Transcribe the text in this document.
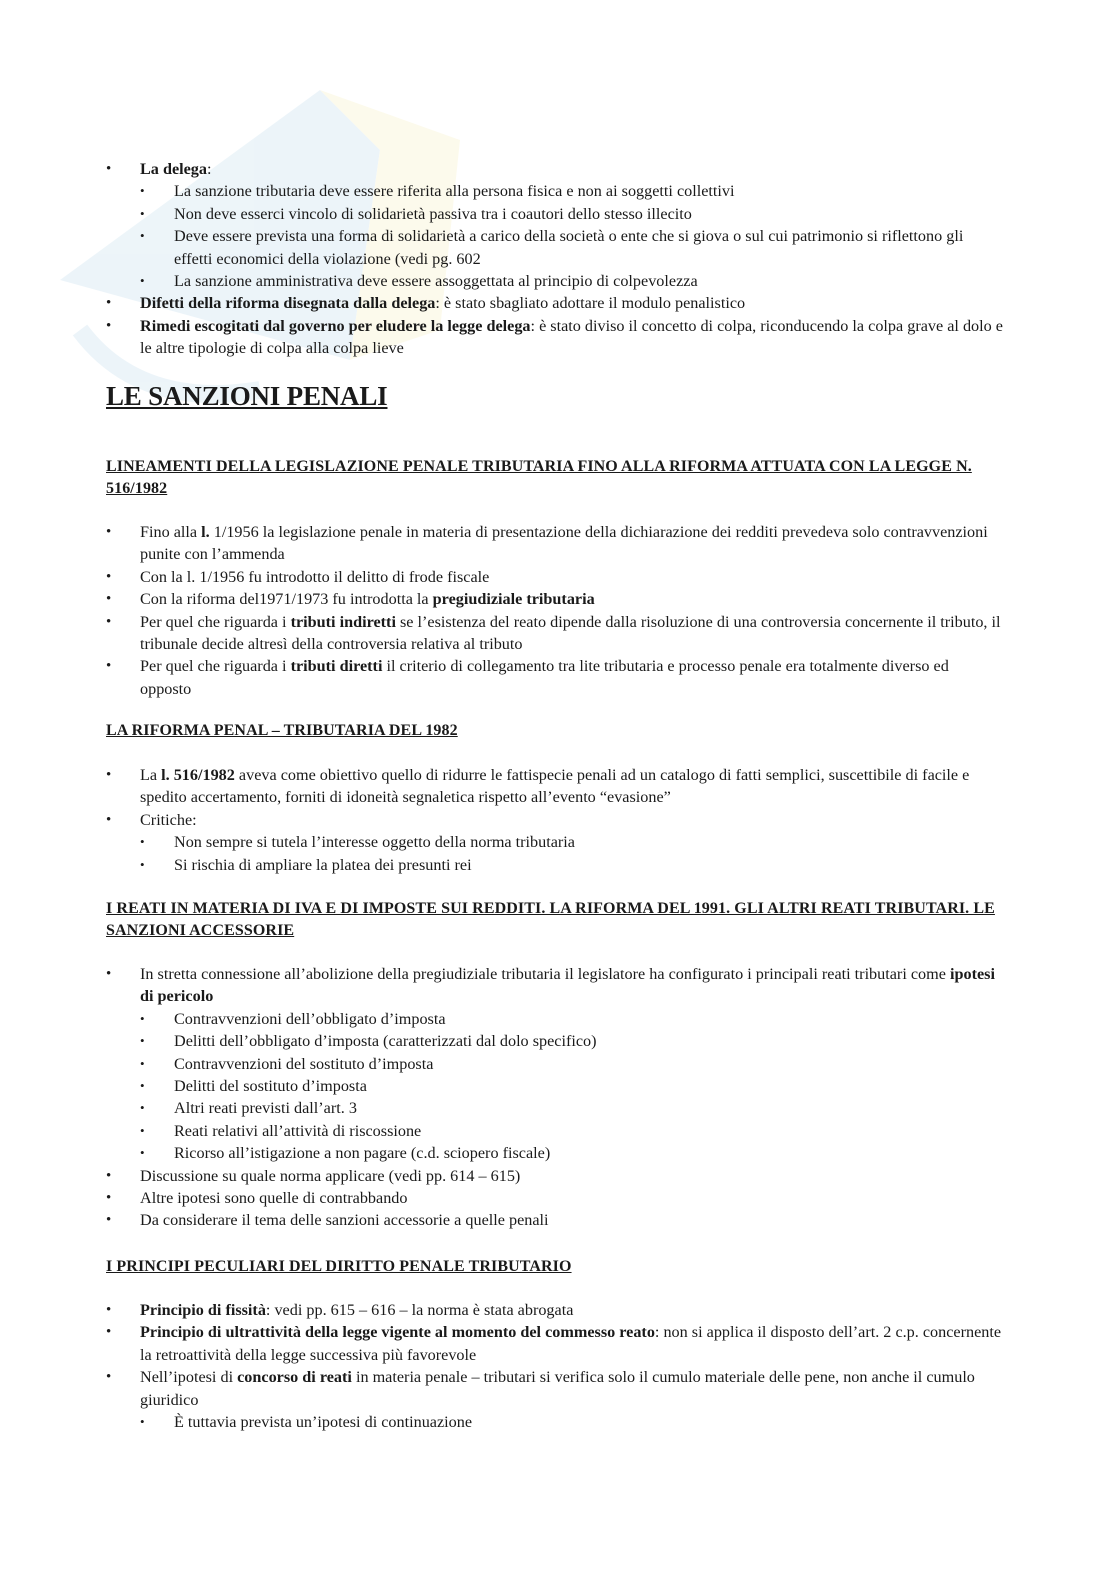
• La delega:
• La sanzione tributaria deve essere riferita alla persona fisica e non ai soggetti collettivi
• Non deve esserci vincolo di solidarietà passiva tra i coautori dello stesso illecito
• Deve essere prevista una forma di solidarietà a carico della società o ente che si giova o sul cui patrimonio si riflettono gli effetti economici della violazione (vedi pg. 602
• La sanzione amministrativa deve essere assoggettata al principio di colpevolezza
• Difetti della riforma disegnata dalla delega: è stato sbagliato adottare il modulo penalistico
• Rimedi escogitati dal governo per eludere la legge delega: è stato diviso il concetto di colpa, riconducendo la colpa grave al dolo e le altre tipologie di colpa alla colpa lieve
LE SANZIONI PENALI
LINEAMENTI DELLA LEGISLAZIONE PENALE TRIBUTARIA FINO ALLA RIFORMA ATTUATA CON LA LEGGE N. 516/1982
• Fino alla l. 1/1956 la legislazione penale in materia di presentazione della dichiarazione dei redditi prevedeva solo contravvenzioni punite con l’ammenda
• Con la l. 1/1956 fu introdotto il delitto di frode fiscale
• Con la riforma del1971/1973 fu introdotta la pregiudiziale tributaria
• Per quel che riguarda i tributi indiretti se l’esistenza del reato dipende dalla risoluzione di una controversia concernente il tributo, il tribunale decide altresì della controversia relativa al tributo
• Per quel che riguarda i tributi diretti il criterio di collegamento tra lite tributaria e processo penale era totalmente diverso ed opposto
LA RIFORMA PENAL – TRIBUTARIA DEL 1982
• La l. 516/1982 aveva come obiettivo quello di ridurre le fattispecie penali ad un catalogo di fatti semplici, suscettibile di facile e spedito accertamento, forniti di idoneità segnaletica rispetto all’evento “evasione”
• Critiche:
• Non sempre si tutela l’interesse oggetto della norma tributaria
• Si rischia di ampliare la platea dei presunti rei
I REATI IN MATERIA DI IVA E DI IMPOSTE SUI REDDITI. LA RIFORMA DEL 1991. GLI ALTRI REATI TRIBUTARI. LE SANZIONI ACCESSORIE
• In stretta connessione all’abolizione della pregiudiziale tributaria il legislatore ha configurato i principali reati tributari come ipotesi di pericolo
• Contravvenzioni dell’obbligato d’imposta
• Delitti dell’obbligato d’imposta (caratterizzati dal dolo specifico)
• Contravvenzioni del sostituto d’imposta
• Delitti del sostituto d’imposta
• Altri reati previsti dall’art. 3
• Reati relativi all’attività di riscossione
• Ricorso all’istigazione a non pagare (c.d. sciopero fiscale)
• Discussione su quale norma applicare (vedi pp. 614 – 615)
• Altre ipotesi sono quelle di contrabbando
• Da considerare il tema delle sanzioni accessorie a quelle penali
I PRINCIPI PECULIARI DEL DIRITTO PENALE TRIBUTARIO
• Principio di fissità: vedi pp. 615 – 616 – la norma è stata abrogata
• Principio di ultrattività della legge vigente al momento del commesso reato: non si applica il disposto dell’art. 2 c.p. concernente la retroattività della legge successiva più favorevole
• Nell’ipotesi di concorso di reati in materia penale – tributari si verifica solo il cumulo materiale delle pene, non anche il cumulo giuridico
• È tuttavia prevista un’ipotesi di continuazione
